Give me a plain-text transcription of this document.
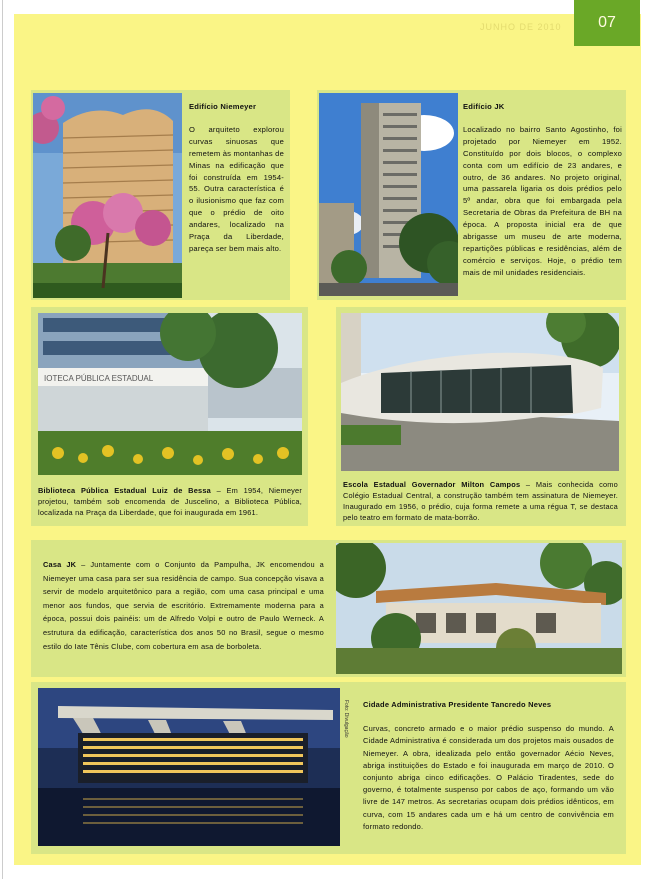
JUNHO DE 2010	07
Edifício Niemeyer
O arquiteto explorou curvas sinuosas que remetem às montanhas de Minas na edificação que foi construída em 1954-55. Outra característica é o ilusionismo que faz com que o prédio de oito andares, localizado na Praça da Liberdade, pareça ser bem mais alto.
Edifício JK
Localizado no bairro Santo Agostinho, foi projetado por Niemeyer em 1952. Constituído por dois blocos, o complexo conta com um edifício de 23 andares, e outro, de 36 andares. No projeto original, uma passarela ligaria os dois prédios pelo 5º andar, obra que foi embargada pela Secretaria de Obras da Prefeitura de BH na época. A proposta inicial era de que abrigasse um museu de arte moderna, repartições públicas e residências, além de comércio e serviços. Hoje, o prédio tem mais de mil unidades residenciais.
IOTECA PÚBLICA ESTADUAL
Biblioteca Pública Estadual Luiz de Bessa – Em 1954, Niemeyer projetou, também sob encomenda de Juscelino, a Biblioteca Pública, localizada na Praça da Liberdade, que foi inaugurada em 1961.
Escola Estadual Governador Milton Campos – Mais conhecida como Colégio Estadual Central, a construção também tem assinatura de Niemeyer. Inaugurado em 1956, o prédio, cuja forma remete a uma régua T, se destaca pelo teatro em formato de mata-borrão.
Casa JK – Juntamente com o Conjunto da Pampulha, JK encomendou a Niemeyer uma casa para ser sua residência de campo. Sua concepção visava a servir de modelo arquitetônico para a região, com uma casa principal e uma menor aos fundos, que servia de escritório. Extremamente moderna para a época, possui dois painéis: um de Alfredo Volpi e outro de Paulo Werneck. A estrutura da edificação, característica dos anos 50 no Brasil, segue o mesmo estilo do Iate Tênis Clube, com cobertura em asa de borboleta.
Foto: Divulgação Cidade Administrativa Presidente Tancredo Neves
Curvas, concreto armado e o maior prédio suspenso do mundo. A Cidade Administrativa é considerada um dos projetos mais ousados de Niemeyer. A obra, idealizada pelo então governador Aécio Neves, abriga instituições do Estado e foi inaugurada em março de 2010. O conjunto abriga cinco edificações. O Palácio Tiradentes, sede do governo, é totalmente suspenso por cabos de aço, formando um vão livre de 147 metros. As secretarias ocupam dois prédios idênticos, em curva, com 15 andares cada um e há um centro de convivência em formato redondo.
